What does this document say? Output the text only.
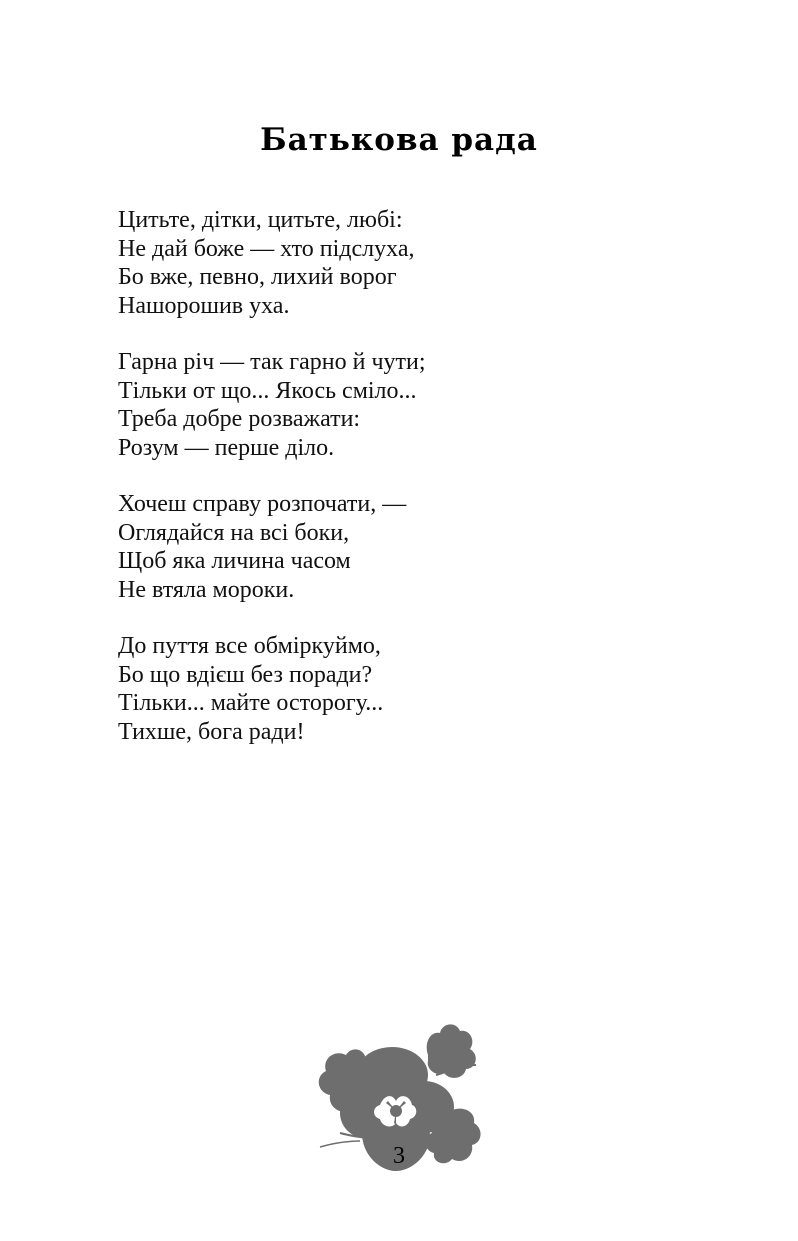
Батькова рада
Цитьте, дітки, цитьте, любі:
Не дай боже — хто підслуха,
Бо вже, певно, лихий ворог
Нашорошив уха.
Гарна річ — так гарно й чути;
Тільки от що... Якось сміло...
Треба добре розважати:
Розум — перше діло.
Хочеш справу розпочати, —
Оглядайся на всі боки,
Щоб яка личина часом
Не втяла мороки.
До пуття все обміркуймо,
Бо що вдієш без поради?
Тільки... майте осторогу...
Тихше, бога ради!
3
